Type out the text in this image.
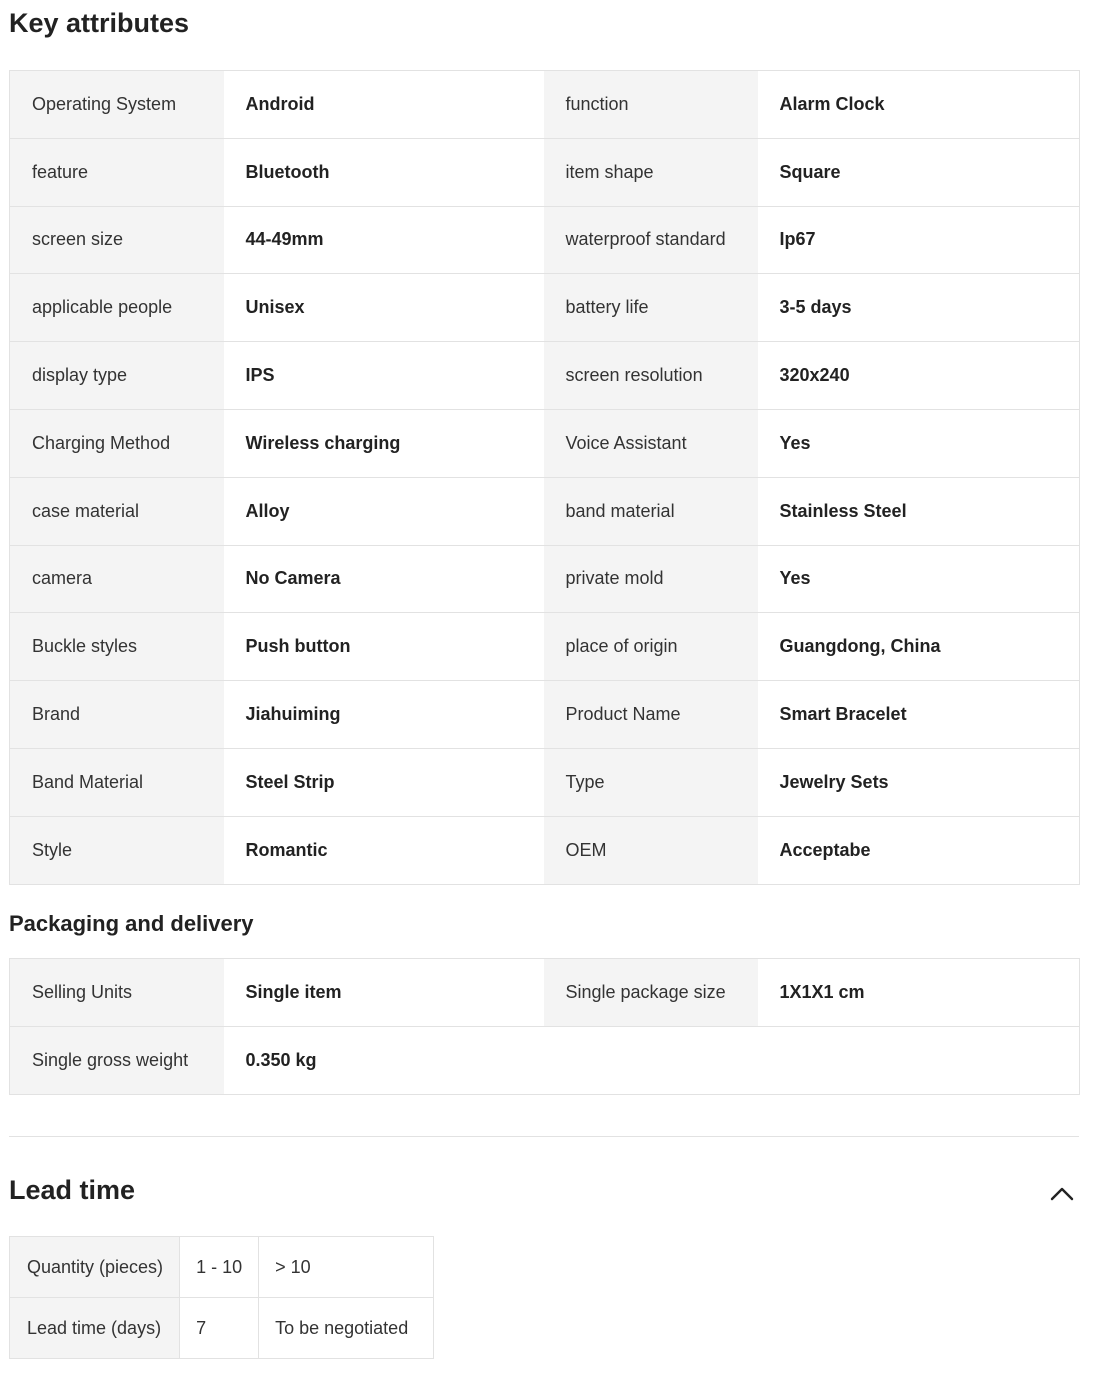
Key attributes
Operating System	Android	function	Alarm Clock
feature	Bluetooth	item shape	Square
screen size	44-49mm	waterproof standard	Ip67
applicable people	Unisex	battery life	3-5 days
display type	IPS	screen resolution	320x240
Charging Method	Wireless charging	Voice Assistant	Yes
case material	Alloy	band material	Stainless Steel
camera	No Camera	private mold	Yes
Buckle styles	Push button	place of origin	Guangdong, China
Brand	Jiahuiming	Product Name	Smart Bracelet
Band Material	Steel Strip	Type	Jewelry Sets
Style	Romantic	OEM	Acceptabe
Packaging and delivery
Selling Units	Single item	Single package size	1X1X1 cm
Single gross weight	0.350 kg		
Lead time
Quantity (pieces)	1 - 10	> 10
Lead time (days)	7	To be negotiated
